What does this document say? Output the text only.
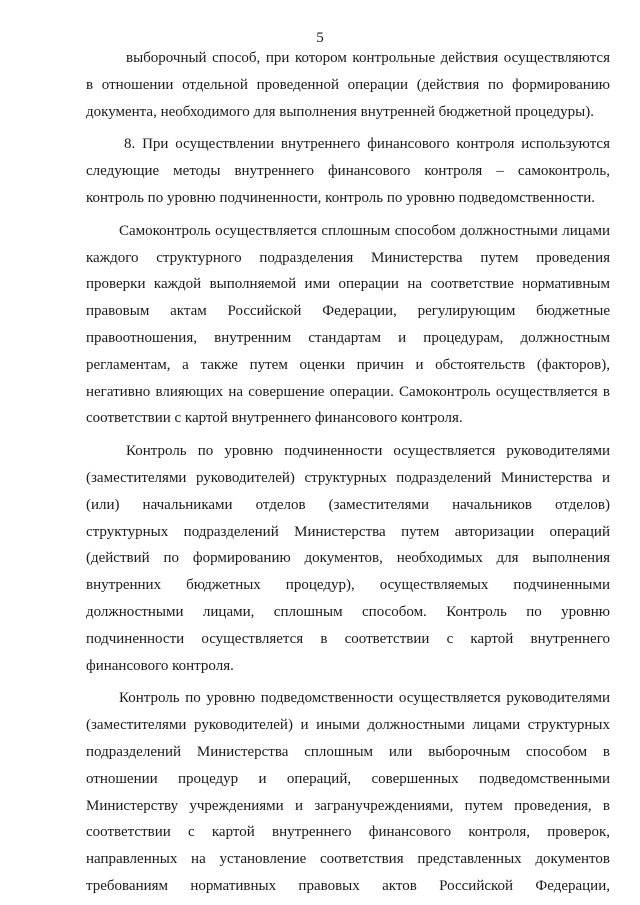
5
выборочный способ, при котором контрольные действия осуществляются
в отношении отдельной проведенной операции (действия по формированию
документа, необходимого для выполнения внутренней бюджетной процедуры).
8. При осуществлении внутреннего финансового контроля используются
следующие методы внутреннего финансового контроля – самоконтроль,
контроль по уровню подчиненности, контроль по уровню подведомственности.
Самоконтроль осуществляется сплошным способом должностными лицами
каждого структурного подразделения Министерства путем проведения
проверки каждой выполняемой ими операции на соответствие нормативным
правовым актам Российской Федерации, регулирующим бюджетные
правоотношения, внутренним стандартам и процедурам, должностным
регламентам, а также путем оценки причин и обстоятельств (факторов),
негативно влияющих на совершение операции. Самоконтроль осуществляется в
соответствии с картой внутреннего финансового контроля.
Контроль по уровню подчиненности осуществляется руководителями
(заместителями руководителей) структурных подразделений Министерства и
(или) начальниками отделов (заместителями начальников отделов)
структурных подразделений Министерства путем авторизации операций
(действий по формированию документов, необходимых для выполнения
внутренних бюджетных процедур), осуществляемых подчиненными
должностными лицами, сплошным способом. Контроль по уровню
подчиненности осуществляется в соответствии с картой внутреннего
финансового контроля.
Контроль по уровню подведомственности осуществляется руководителями
(заместителями руководителей) и иными должностными лицами структурных
подразделений Министерства сплошным или выборочным способом в
отношении процедур и операций, совершенных подведомственными
Министерству учреждениями и загранучреждениями, путем проведения, в
соответствии с картой внутреннего финансового контроля, проверок,
направленных на установление соответствия представленных документов
требованиям нормативных правовых актов Российской Федерации,
